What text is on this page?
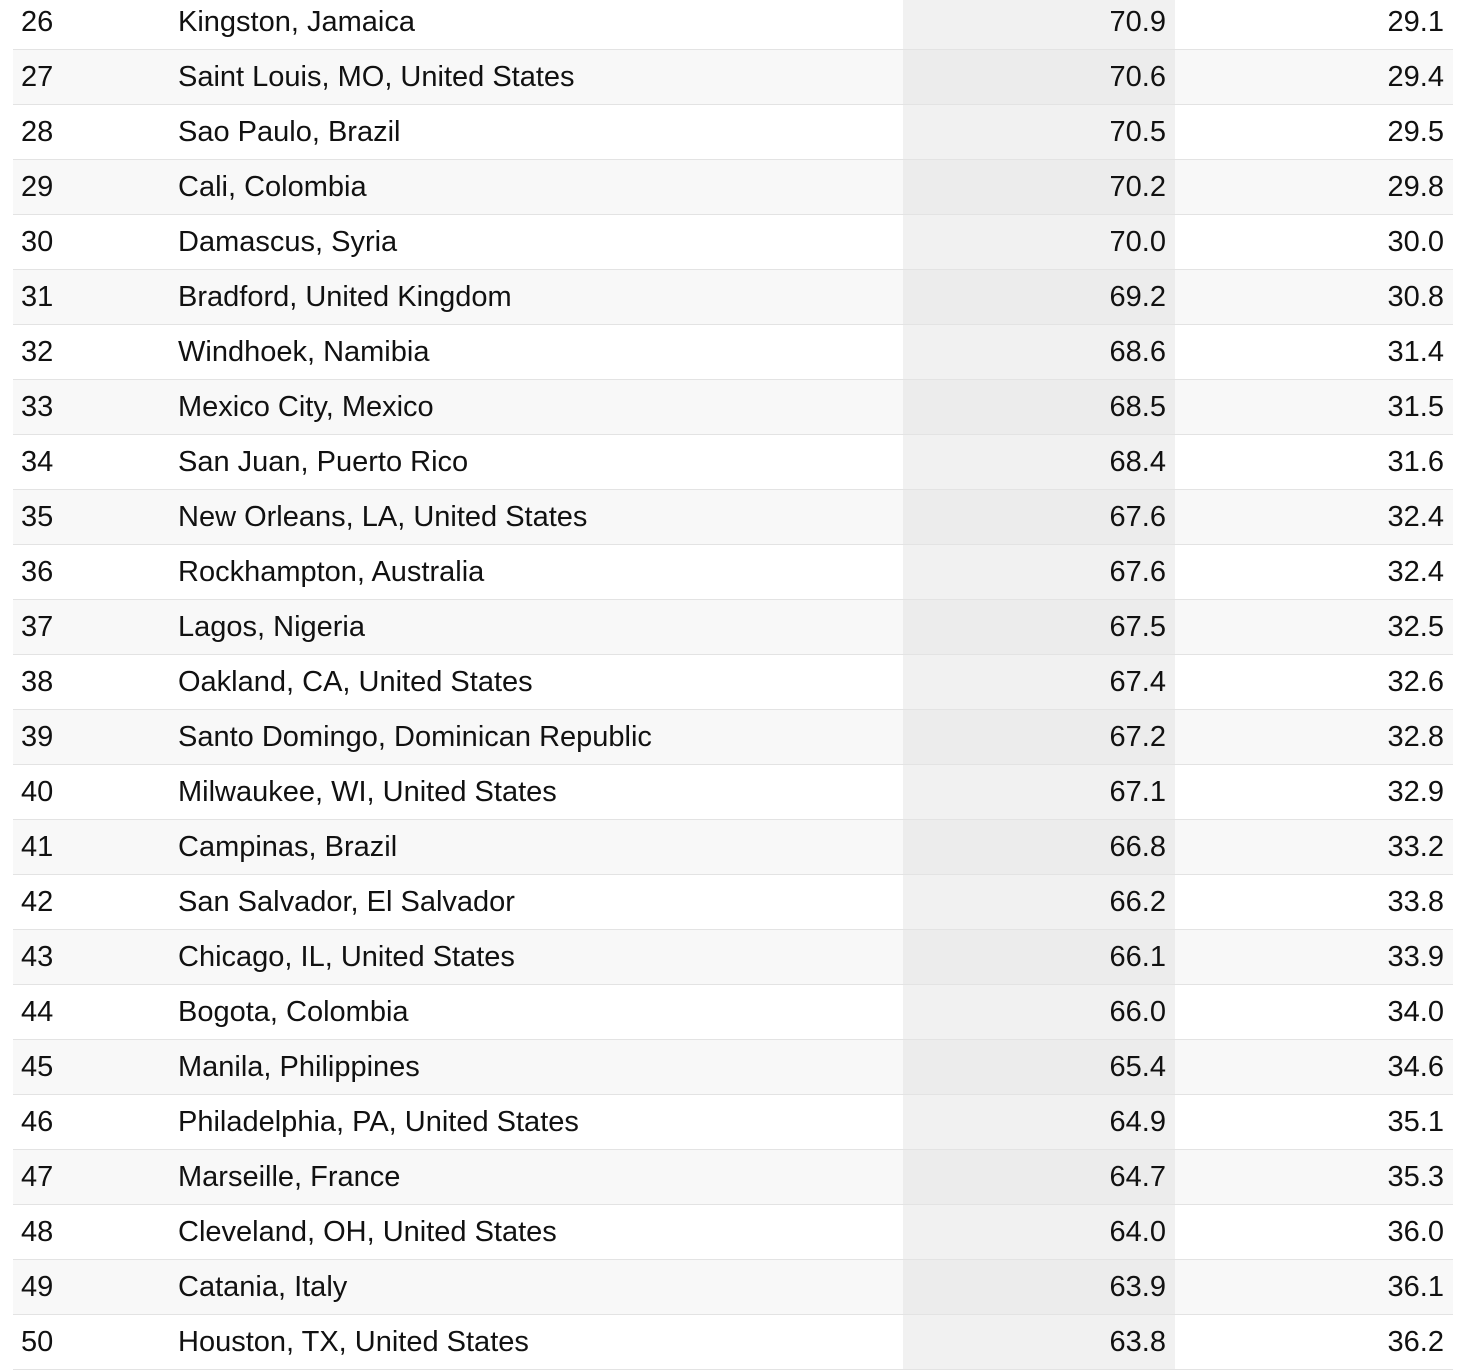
26	Kingston, Jamaica	70.9	29.1
27	Saint Louis, MO, United States	70.6	29.4
28	Sao Paulo, Brazil	70.5	29.5
29	Cali, Colombia	70.2	29.8
30	Damascus, Syria	70.0	30.0
31	Bradford, United Kingdom	69.2	30.8
32	Windhoek, Namibia	68.6	31.4
33	Mexico City, Mexico	68.5	31.5
34	San Juan, Puerto Rico	68.4	31.6
35	New Orleans, LA, United States	67.6	32.4
36	Rockhampton, Australia	67.6	32.4
37	Lagos, Nigeria	67.5	32.5
38	Oakland, CA, United States	67.4	32.6
39	Santo Domingo, Dominican Republic	67.2	32.8
40	Milwaukee, WI, United States	67.1	32.9
41	Campinas, Brazil	66.8	33.2
42	San Salvador, El Salvador	66.2	33.8
43	Chicago, IL, United States	66.1	33.9
44	Bogota, Colombia	66.0	34.0
45	Manila, Philippines	65.4	34.6
46	Philadelphia, PA, United States	64.9	35.1
47	Marseille, France	64.7	35.3
48	Cleveland, OH, United States	64.0	36.0
49	Catania, Italy	63.9	36.1
50	Houston, TX, United States	63.8	36.2
